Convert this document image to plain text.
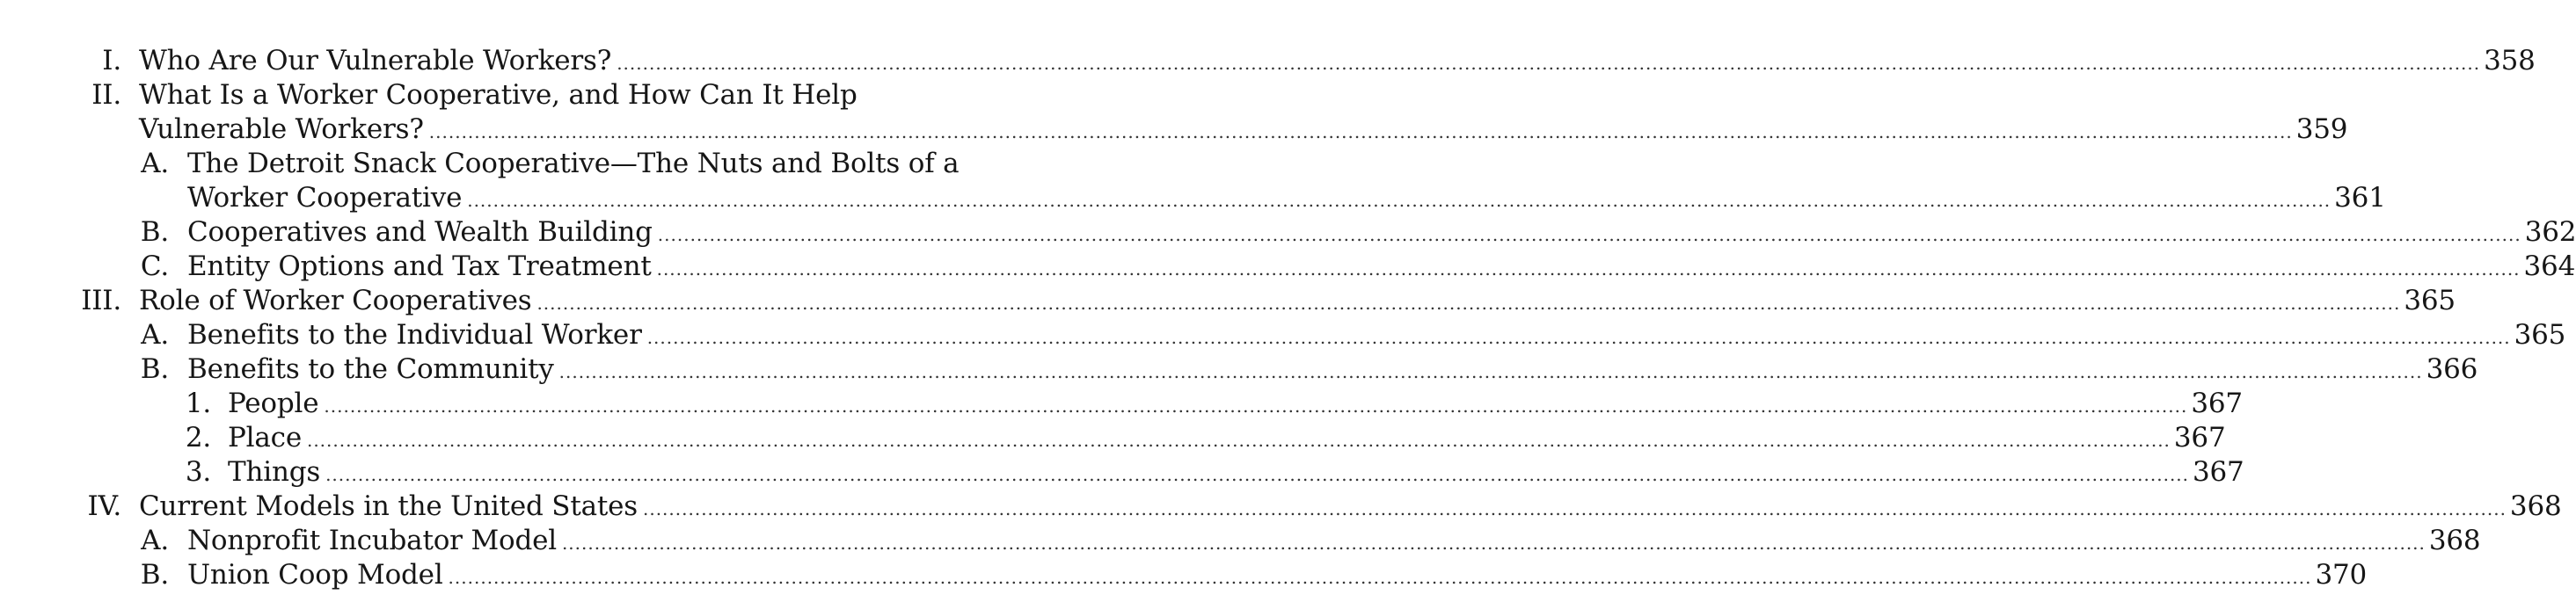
I. Who Are Our Vulnerable Workers? .....	358
II. What Is a Worker Cooperative, and How Can It Help
Vulnerable Workers? .....	359
A. The Detroit Snack Cooperative—The Nuts and Bolts of a
Worker Cooperative .....	361
B. Cooperatives and Wealth Building .....	362
C. Entity Options and Tax Treatment .....	364
III. Role of Worker Cooperatives .....	365
A. Benefits to the Individual Worker .....	365
B. Benefits to the Community .....	366
1. People .....	367
2. Place .....	367
3. Things .....	367
IV. Current Models in the United States .....	368
A. Nonprofit Incubator Model .....	368
B. Union Coop Model .....	370
